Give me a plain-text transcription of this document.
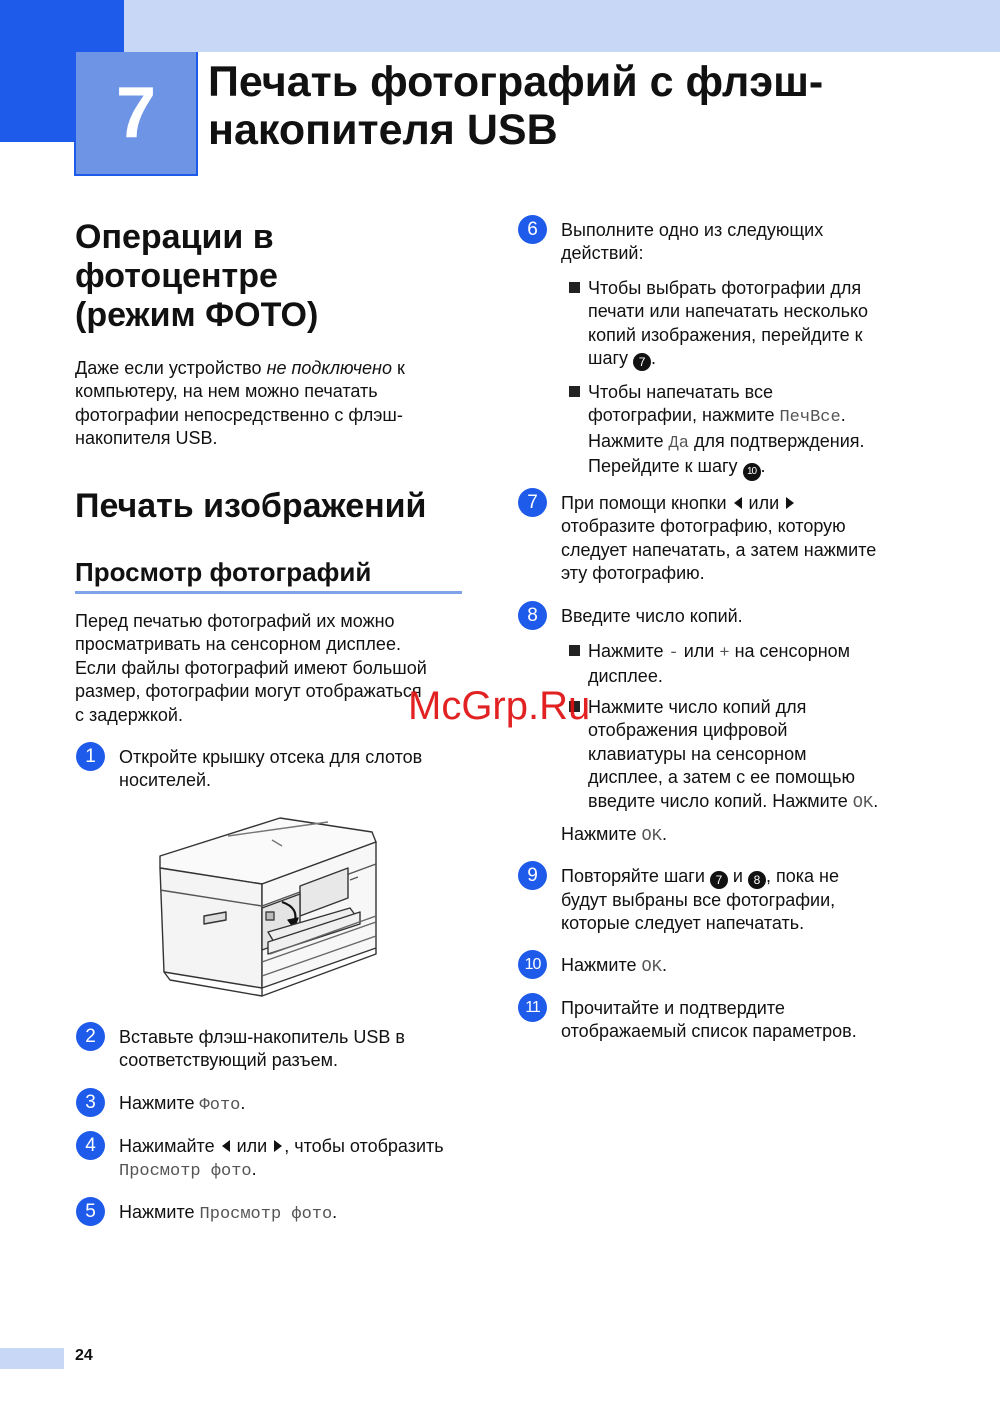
7 Печать фотографий с флэш-
накопителя USB
Операции в
фотоцентре
(режим ФОТО)
Даже если устройство не подключено к
компьютеру, на нем можно печатать
фотографии непосредственно с флэш-
накопителя USB.
Печать изображений
Просмотр фотографий
Перед печатью фотографий их можно
просматривать на сенсорном дисплее.
Если файлы фотографий имеют большой
размер, фотографии могут отображаться
с задержкой.
1	Откройте крышку отсека для слотов
носителей.
2	Вставьте флэш-накопитель USB в
соответствующий разъем.
3	Нажмите Фото.
4	Нажимайте  или , чтобы отобразить
Просмотр фото.
5	Нажмите Просмотр фото.
6	Выполните одно из следующих
действий:
Чтобы выбрать фотографии для
печати или напечатать несколько
копий изображения, перейдите к
шагу 7 .
Чтобы напечатать все
фотографии, нажмите ПечВсе.
Нажмите Да для подтверждения.
Перейдите к шагу 10 .
7	При помощи кнопки  или
отобразите фотографию, которую
следует напечатать, а затем нажмите
эту фотографию.
8	Введите число копий.
Нажмите - или + на сенсорном
дисплее.
Нажмите число копий для
отображения цифровой
клавиатуры на сенсорном
дисплее, а затем с ее помощью
введите число копий. Нажмите OK.
Нажмите OK.
9	Повторяйте шаги 7 и 8 , пока не
будут выбраны все фотографии,
которые следует напечатать.
10	Нажмите OK.
11	Прочитайте и подтвердите
отображаемый список параметров.
McGrp.Ru
24
